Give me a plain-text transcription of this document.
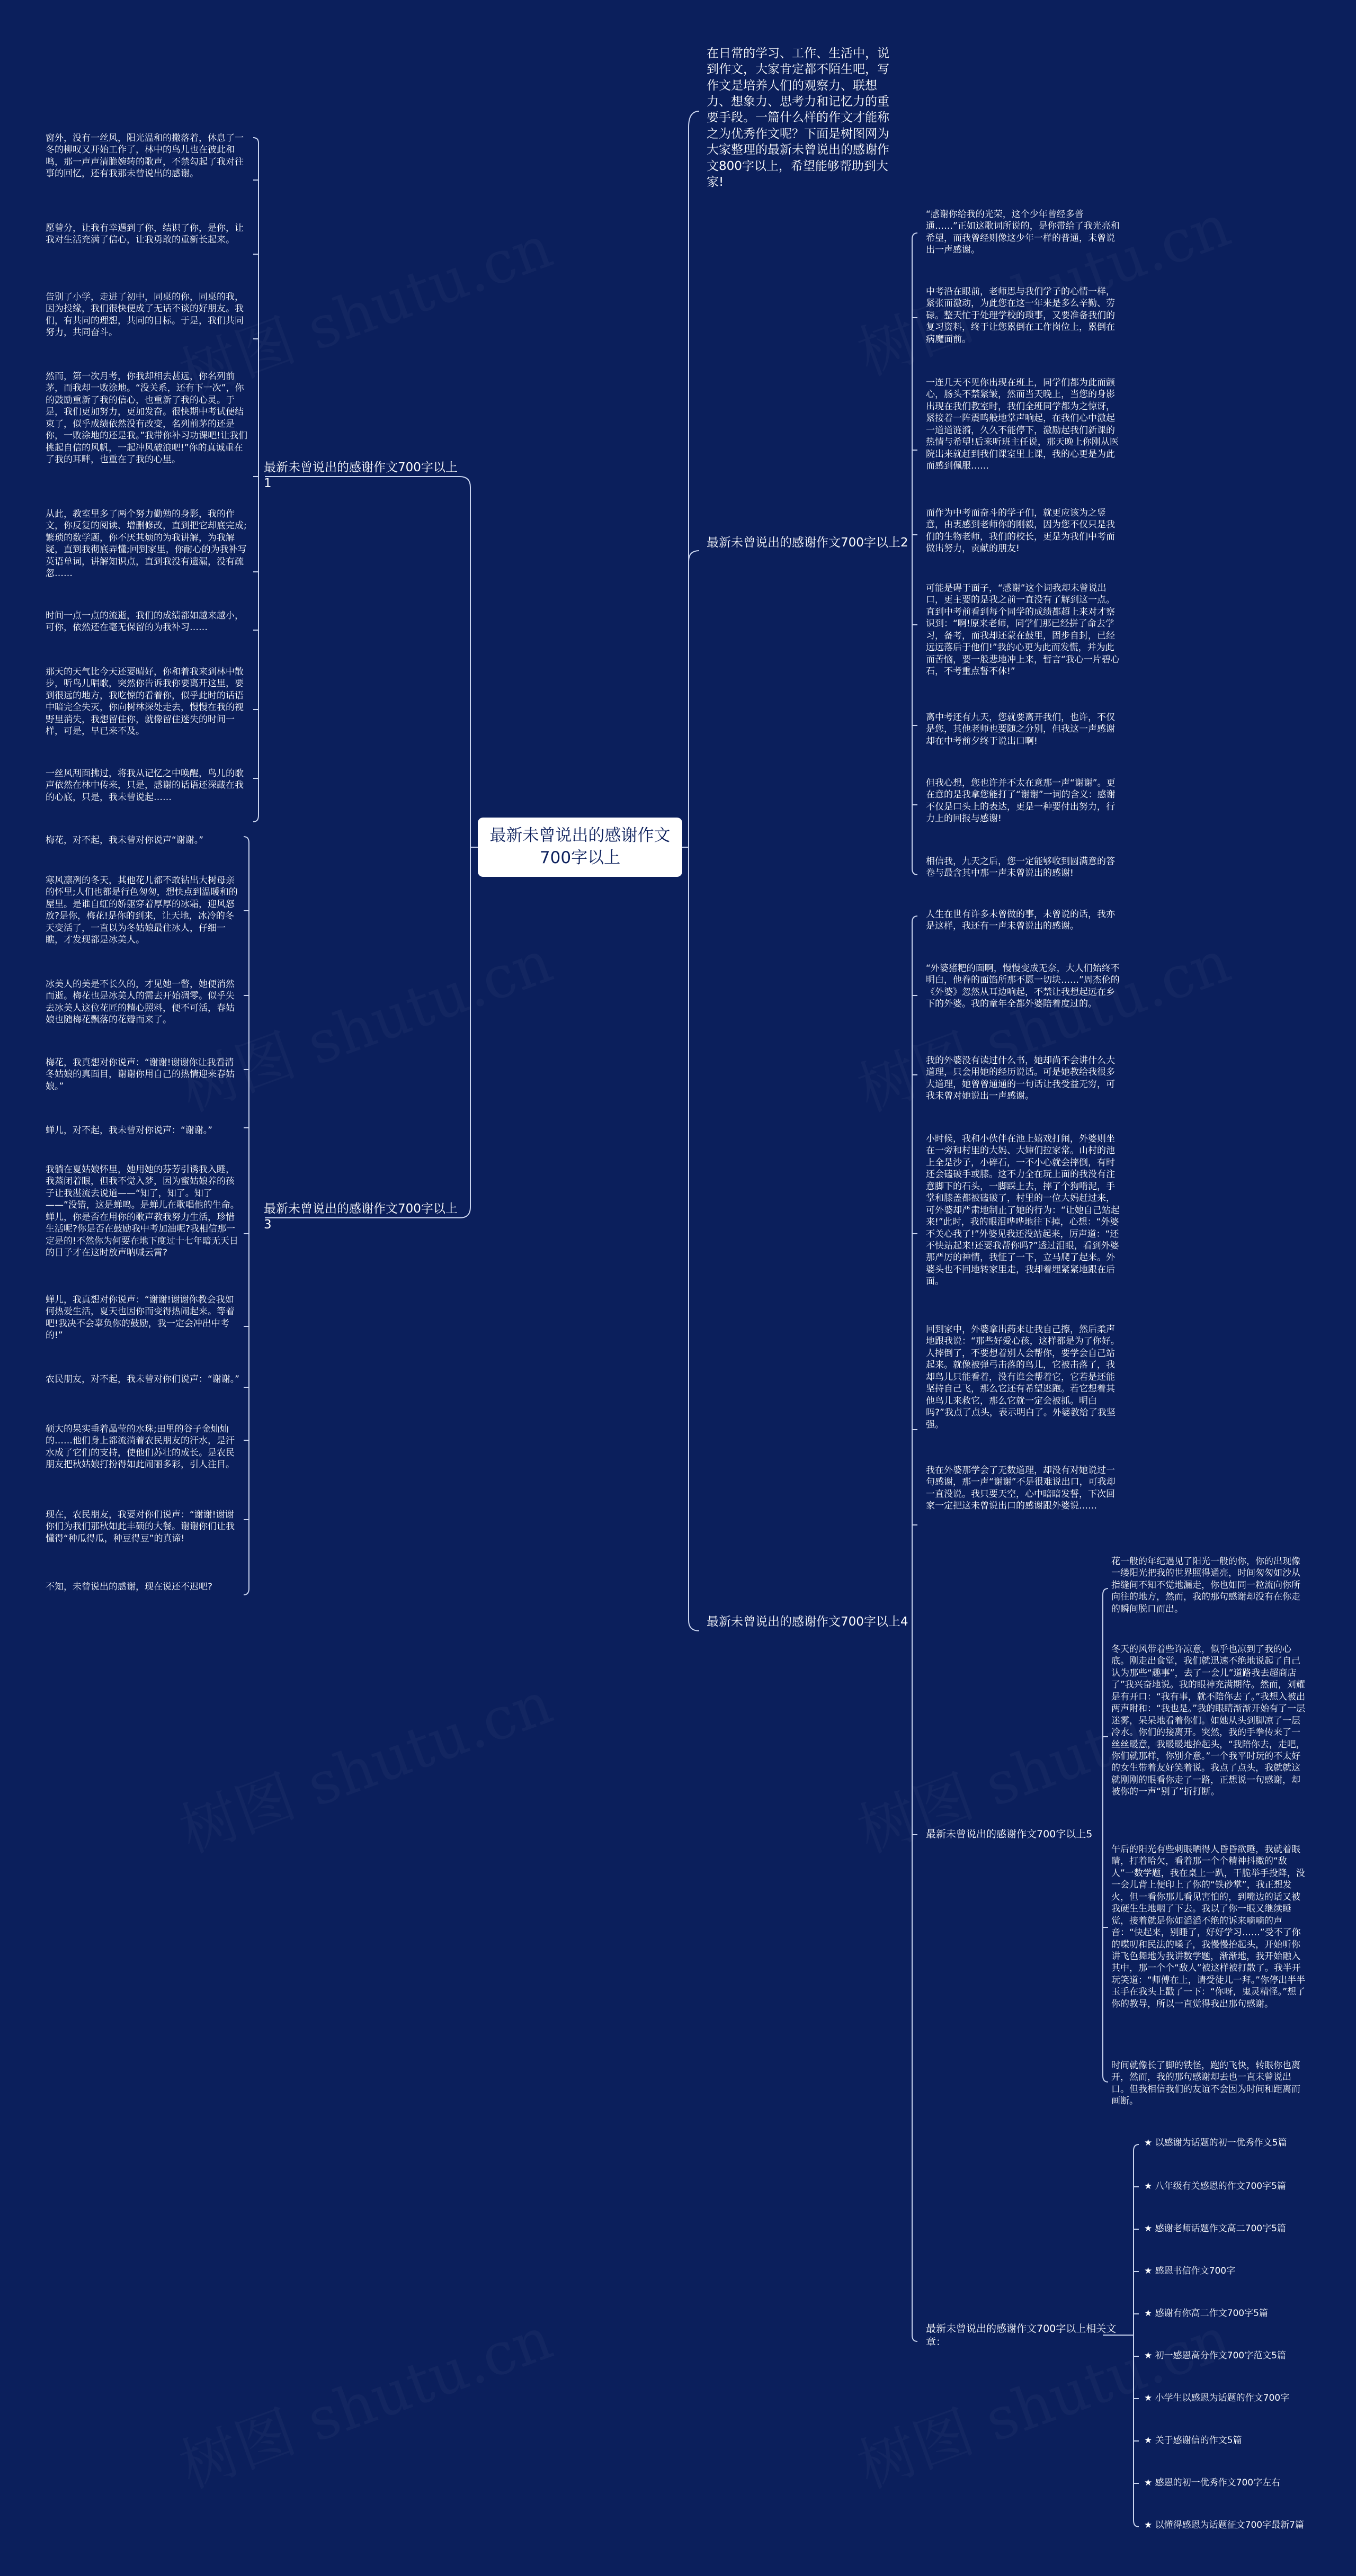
最新未曾说出的感谢作文700字以上
在日常的学习、工作、生活中，说到作文，大家肯定都不陌生吧，写作文是培养人们的观察力、联想力、想象力、思考力和记忆力的重要手段。一篇什么样的作文才能称之为优秀作文呢？下面是树图网为大家整理的最新未曾说出的感谢作文800字以上，希望能够帮助到大家!
最新未曾说出的感谢作文700字以上1
最新未曾说出的感谢作文700字以上2
最新未曾说出的感谢作文700字以上3
最新未曾说出的感谢作文700字以上4
最新未曾说出的感谢作文700字以上5
最新未曾说出的感谢作文700字以上相关文章：
窗外，没有一丝风，阳光温和的撒落着，休息了一冬的柳叹又开始工作了，林中的鸟儿也在彼此和鸣，那一声声清脆婉转的歌声，不禁勾起了我对往事的回忆，还有我那未曾说出的感谢。
愿曾分，让我有幸遇到了你，结识了你，是你，让我对生活充满了信心，让我勇敢的重新长起来。
告别了小学，走进了初中，同桌的你，同桌的我，因为投缘，我们很快便成了无话不谈的好朋友。我们，有共同的理想，共同的目标。于是，我们共同努力，共同奋斗。
然而，第一次月考，你我却相去甚远，你名列前茅，而我却一败涂地。“没关系，还有下一次”，你的鼓励重新了我的信心，也重新了我的心灵。于是，我们更加努力，更加发奋。很快期中考试便结束了，似乎成绩依然没有改变，名列前茅的还是你，一败涂地的还是我。”我带你补习功课吧!让我们挑起自信的风帆，一起冲风破浪吧!”你的真诚重在了我的耳畔，也重在了我的心里。
从此，教室里多了两个努力勤勉的身影，我的作文，你反复的阅读、增删修改，直到把它却底完成;繁琐的数学题，你不厌其烦的为我讲解，为我解疑，直到我彻底弄懂;回到家里，你耐心的为我补写英语单词，讲解知识点，直到我没有遗漏，没有疏忽……
时间一点一点的流逝，我们的成绩都如越来越小，可你，依然还在毫无保留的为我补习……
那天的天气比今天还要晴好，你和着我来到林中散步，听鸟儿唱歌，突然你告诉我你要离开这里，要到很远的地方，我吃惊的看着你，似乎此时的话语中暗完全失灭，你向树林深处走去，慢慢在我的视野里消失，我想留住你，就像留住迷失的时间一样，可是，早已来不及。
一丝风刮面拂过，将我从记忆之中唤醒，鸟儿的歌声依然在林中传来，只是，感谢的话语还深藏在我的心底，只是，我未曾说起……
梅花，对不起，我未曾对你说声“谢谢。”
寒风凛冽的冬天，其他花儿都不敢钻出大树母亲的怀里;人们也都是行色匆匆，想快点到温暖和的屋里。是谁自虹的娇躯穿着厚厚的冰霜，迎风怒放?是你，梅花!是你的到来，让天地，冰冷的冬天变活了，一直以为冬姑娘最住冰人，仔细一瞧，才发现都是冰美人。
冰美人的美是不长久的，才见她一瞥，她便消然而逝。梅花也是冰美人的需去开始凋零。似乎失去冰美人这位花匠的精心照料，便不可活，春姑娘也随梅花飘落的花瓣而来了。
梅花，我真想对你说声：“谢谢!谢谢你让我看清冬姑娘的真面目，谢谢你用自己的热情迎来春姑娘。”
蝉儿，对不起，我未曾对你说声：“谢谢。”
我躺在夏姑娘怀里，她用她的芬芳引诱我入睡，我蒸闭着眼，但我不觉入梦，因为蜜姑娘养的孩子让我湛流去说道——“知了，知了。知了——”没错，这是蝉鸣。是蝉儿在歌唱他的生命。蝉儿，你是否在用你的歌声教我努力生活，珍惜生活呢?你是否在鼓励我中考加油呢?我相信那一定是的!不然你为何要在地下度过十七年暗无天日的日子才在这时放声呐喊云霄?
蝉儿，我真想对你说声：“谢谢!谢谢你教会我如何热爱生活，夏天也因你而变得热闹起来。等着吧!我决不会辜负你的鼓励，我一定会冲出中考的!”
农民朋友，对不起，我未曾对你们说声：“谢谢。”
硕大的果实垂着晶莹的水珠;田里的谷子金灿灿的……他们身上都流淌着农民朋友的汗水，是汗水成了它们的支持，使他们苏壮的成长。是农民朋友把秋姑娘打扮得如此闹丽多彩，引人注目。
现在，农民朋友，我要对你们说声：“谢谢!谢谢你们为我们那秋如此丰硕的大餐。谢谢你们让我懂得“种瓜得瓜，种豆得豆”的真谛!
不知，未曾说出的感谢，现在说还不迟吧?
“感谢你给我的光荣，这个少年曾经多普通……”正如这歌词所说的，是你带给了我光亮和希望，而我曾经则像这少年一样的普通，未曾说出一声感谢。
中考沿在眼前，老师思与我们学子的心情一样，紧张而激动，为此您在这一年来是多么辛勤、劳碌。整天忙于处理学校的琐事，又要准备我们的复习资料，终于让您累倒在工作岗位上，累倒在病魔面前。
一连几天不见你出现在班上，同学们都为此而颤心，肠头不禁紧皱，然而当天晚上，当您的身影出现在我们教室时，我们全班同学都为之惊讶，紧接着一阵震鸣般地掌声响起，在我们心中激起一道道涟漪，久久不能停下，激励起我们新课的热情与希望!后来听班主任说，那天晚上你刚从医院出来就赶到我们课室里上课，我的心更是为此而感到佩服……
而作为中考而奋斗的学子们，就更应该为之竖意，由衷感到老师你的刚毅，因为您不仅只是我们的生物老师，我们的校长，更是为我们中考而做出努力，贡献的朋友!
可能是碍于面子，“感谢”这个词我却未曾说出口，更主要的是我之前一直没有了解到这一点。直到中考前看到每个同学的成绩都超上来对才察识到：“啊!原来老师，同学们那已经拼了命去学习，备考，而我却还蒙在鼓里，固步自封，已经远远落后于他们!”我的心更为此而发慌，并为此而苦恼，要一般悲地冲上来，暂言“我心一片碧心石，不考重点誓不休!”
离中考还有九天，您就要离开我们，也许，不仅是您，其他老师也要随之分别，但我这一声感谢却在中考前夕终于说出口啊!
但我心想，您也许并不太在意那一声“谢谢”。更在意的是我拿您能打了“谢谢”一词的含义：感谢不仅是口头上的表达，更是一种要付出努力，行力上的回报与感谢!
相信我，九天之后，您一定能够收到圆满意的答卷与最含其中那一声未曾说出的感谢!
人生在世有许多未曾做的事，未曾说的话，我亦是这样，我还有一声未曾说出的感谢。
“外婆猪粑的面啊，慢慢变成无奈，大人们始终不明白，他眷的面馅所那不愿一切块……”周杰伦的《外婆》忽然从耳边响起，不禁让我想起远在乡下的外婆。我的童年全都外婆陪着度过的。
我的外婆没有读过什么书，她却尚不会讲什么大道理，只会用她的经历说话。可是她教给我很多大道理，她曾曾通通的一句话让我受益无穷，可我未曾对她说出一声感谢。
小时候，我和小伙伴在池上嬉戏打闹，外婆则坐在一旁和村里的大妈、大婶们拉家常。山村的池上全是沙子，小碎石，一不小心就会摔倒，有时还会磕破手或膝。这不力全在玩上面的我没有注意脚下的石头，一脚踩上去，摔了个狗啃泥，手掌和膝盖都被磕破了，村里的一位大妈赶过来，可外婆却严肃地制止了她的行为：“让她自己站起来!”此时，我的眼泪哗哗地往下掉，心想：“外婆不关心我了!”外婆见我还没站起来，厉声道：“还不快站起来!还要我帮你吗?”透过泪眼，看到外婆那严厉的神情，我怔了一下，立马爬了起来。外婆头也不回地转家里走，我却着埋紧紧地跟在后面。
回到家中，外婆拿出药来让我自己擦，然后柔声地跟我说：“那些好爱心孩，这样都是为了你好。人摔倒了，不要想着别人会帮你，要学会自己站起来。就像被弹弓击落的鸟儿，它被击落了，我却鸟儿只能看着，没有谁会帮着它，它若是还能坚持自己飞，那么它还有希望逃跑。若它想着其他鸟儿来救它，那么它就一定会被抓。明白吗?”我点了点头，表示明白了。外婆教给了我坚强。
我在外婆那学会了无数道理，却没有对她说过一句感谢，那一声“谢谢”不是很难说出口，可我却一直没说。我只要天空，心中暗暗发誓，下次回家一定把这未曾说出口的感谢跟外婆说……
花一般的年纪遇见了阳光一般的你，你的出现像一缕阳光把我的世界照得通亮，时间匆匆如沙从指缝间不知不觉地漏走，你也如同一粒流向你所向往的地方，然而，我的那句感谢却没有在你走的瞬间脱口而出。
冬天的风带着些许凉意，似乎也凉到了我的心底。刚走出食堂，我们就迅速不绝地说起了自己认为那些“趣事”，去了一会儿”道路我去超商店了”我兴奋地说。我的眼神充满期待。然而，刘耀是有开口：“我有事，就不陪你去了。”我想入被出两声附和：“我也是。”我的眼睛渐渐开始有了一层迷雾，呆呆地看着你们。如她从头到脚凉了一层冷水。你们的接离开。突然，我的手拳传来了一丝丝暖意，我暖暖地抬起头，“我陪你去，走吧，你们就那样，你别介意。”一个我平时玩的不太好的女生带着友好笑着说。我点了点头，我就就这就刚刚的眼看你走了一路，正想说一句感谢，却被你的一声“别了”折打断。
午后的阳光有些刺眼晒得人昏昏欲睡，我就着眼睛，打着哈欠，看着那一个个精神抖擞的“敌人”一数学题，我在桌上一趴，干脆举手投降，没一会儿背上便印上了你的“铁砂掌”，我正想发火，但一看你那儿看见害怕的，到嘴边的话又被我硬生生地咽了下去。我以了你一眼又继续睡觉，接着就是你如滔滔不绝的诉来嘀嘀的声音：“快起来，别睡了，好好学习……”受不了你的喋叨和民法的嗓子，我慢慢抬起头，开始听你讲飞色舞地为我讲数学题，渐渐地，我开始融入其中，那一个个“敌人”被这样被打散了。我半开玩笑道：“师傅在上，请受徒儿一拜。”你停出半半玉手在我头上戳了一下：“你呀，鬼灵精怪。”想了你的教导，所以一直觉得我出那句感谢。
时间就像长了脚的铁怪，跑的飞快，转眼你也离开，然而，我的那句感谢却去也一直未曾说出口。但我相信我们的友谊不会因为时间和距离而画断。
★ 以感谢为话题的初一优秀作文5篇
★ 八年级有关感恩的作文700字5篇
★ 感谢老师话题作文高二700字5篇
★ 感恩书信作文700字
★ 感谢有你高二作文700字5篇
★ 初一感恩高分作文700字范文5篇
★ 小学生以感恩为话题的作文700字
★ 关于感谢信的作文5篇
★ 感恩的初一优秀作文700字左右
★ 以懂得感恩为话题征文700字最新7篇
